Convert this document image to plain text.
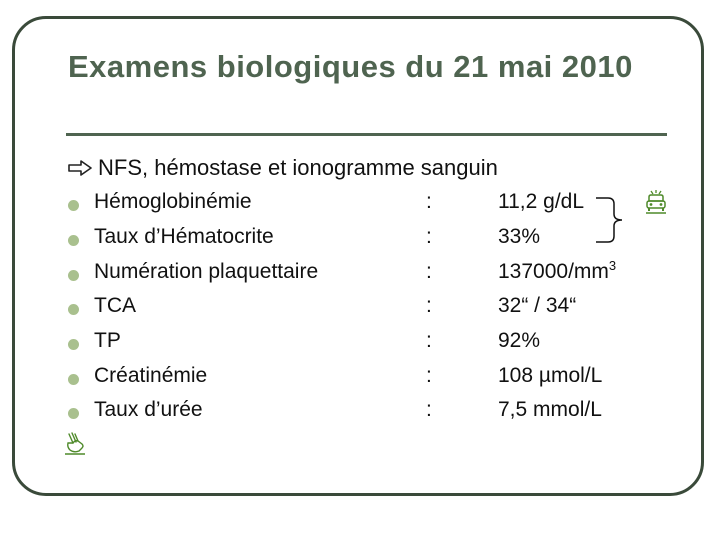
Examens biologiques du 21 mai 2010
NFS, hémostase et ionogramme sanguin
Hémoglobinémie	:	11,2 g/dL
Taux d’Hématocrite	:	33%
Numération plaquettaire	:	$137000/mm^3$
TCA	:	32“ / 34“
TP	:	92%
Créatinémie	:	108 µmol/L
Taux d’urée	:	7,5 mmol/L
